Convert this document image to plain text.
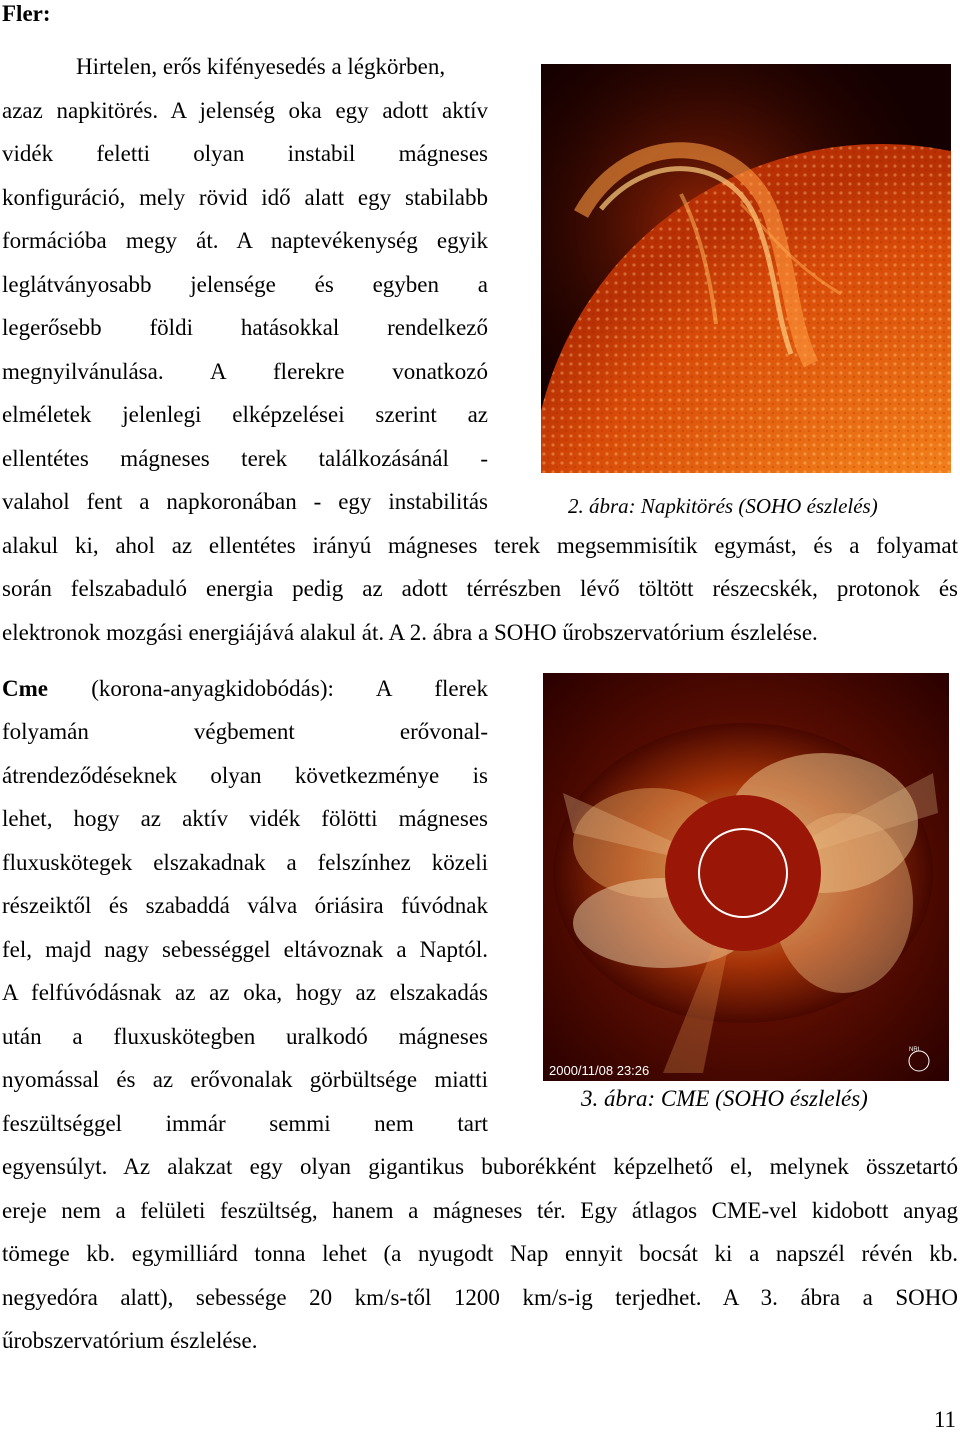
Fler:
Hirtelen, erős kifényesedés a légkörben,
azaz napkitörés. A jelenség oka egy adott aktív
vidék feletti olyan instabil mágneses
konfiguráció, mely rövid idő alatt egy stabilabb
formációba megy át. A naptevékenység egyik
leglátványosabb jelensége és egyben a
legerősebb földi hatásokkal rendelkező
megnyilvánulása. A flerekre vonatkozó
elméletek jelenlegi elképzelései szerint az
ellentétes mágneses terek találkozásánál -
valahol fent a napkoronában - egy instabilitás
alakul ki, ahol az ellentétes irányú mágneses terek megsemmisítik egymást, és a folyamat
során felszabaduló energia pedig az adott térrészben lévő töltött részecskék, protonok és
elektronok mozgási energiájává alakul át. A 2. ábra a SOHO űrobszervatórium észlelése.
2. ábra: Napkitörés (SOHO észlelés)
Cme (korona-anyagkidobódás): A flerek
folyamán végbement erővonal-
átrendeződéseknek olyan következménye is
lehet, hogy az aktív vidék fölötti mágneses
fluxuskötegek elszakadnak a felszínhez közeli
részeiktől és szabaddá válva óriásira fúvódnak
fel, majd nagy sebességgel eltávoznak a Naptól.
A felfúvódásnak az az oka, hogy az elszakadás
után a fluxuskötegben uralkodó mágneses
nyomással és az erővonalak görbültsége miatti
feszültséggel immár semmi nem tart
egyensúlyt. Az alakzat egy olyan gigantikus buborékként képzelhető el, melynek összetartó
ereje nem a felületi feszültség, hanem a mágneses tér. Egy átlagos CME-vel kidobott anyag
tömege kb. egymilliárd tonna lehet (a nyugodt Nap ennyit bocsát ki a napszél révén kb.
negyedóra alatt), sebessége 20 km/s-től 1200 km/s-ig terjedhet. A 3. ábra a SOHO
űrobszervatórium észlelése.
2000/11/08 23:26
NRL
3. ábra: CME (SOHO észlelés)
11
